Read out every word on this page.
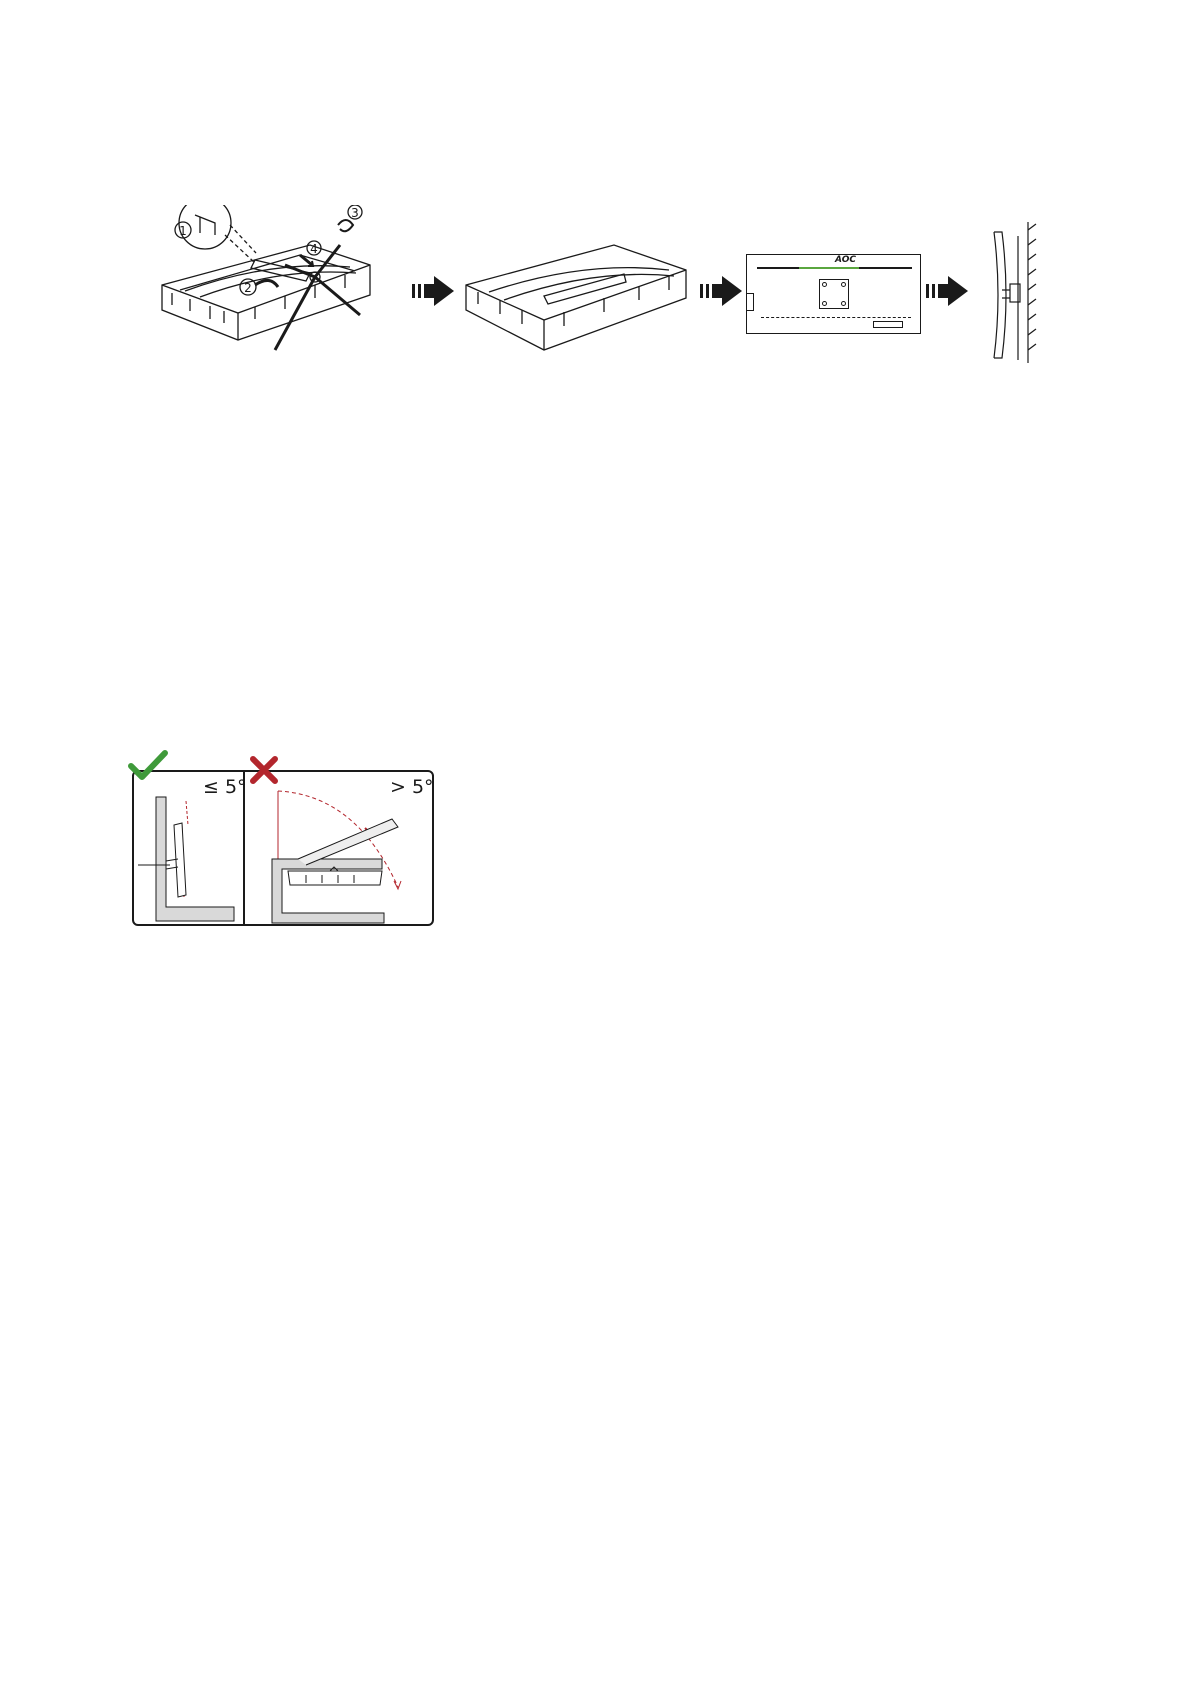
1
2
3
4
AOC
≤ 5°	> 5°
